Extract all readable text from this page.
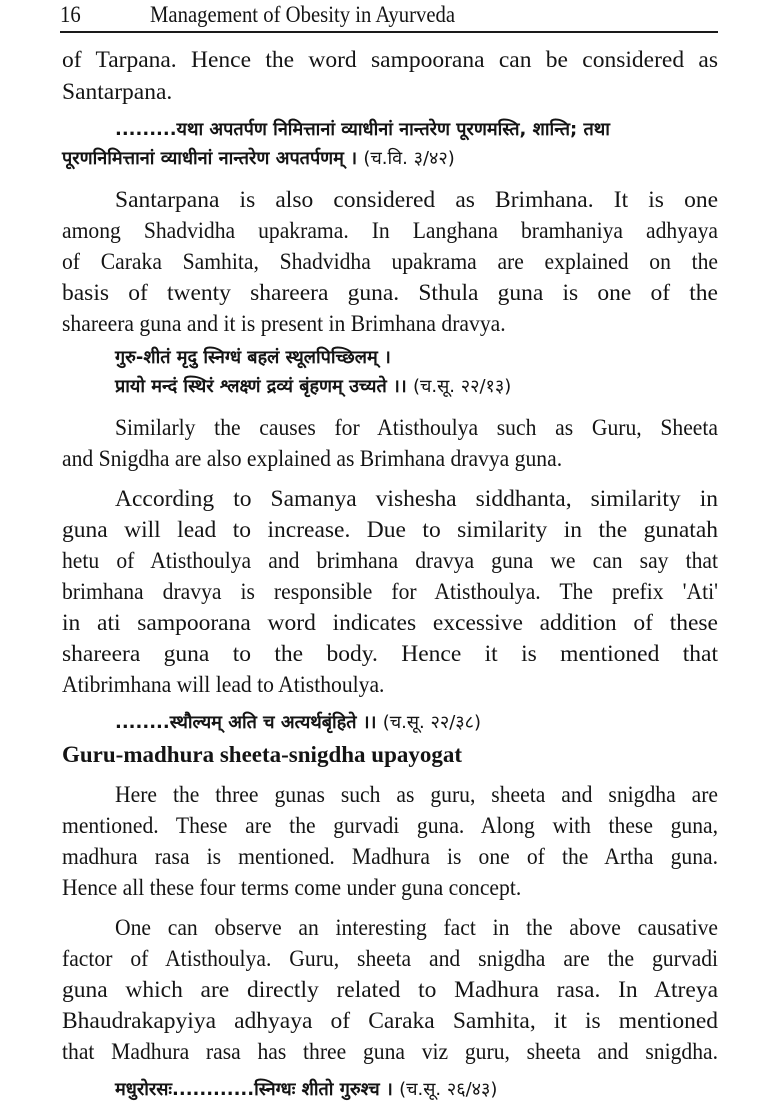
16	Management of Obesity in Ayurveda
of Tarpana. Hence the word sampoorana can be considered as
Santarpana.
.........यथा अपतर्पण निमित्तानां व्याधीनां नान्तरेण पूरणमस्ति, शान्ति; तथा
पूरणनिमित्तानां व्याधीनां नान्तरेण अपतर्पणम् । (च.वि. ३/४२)
Santarpana is also considered as Brimhana. It is one
among Shadvidha upakrama. In Langhana bramhaniya adhyaya
of Caraka Samhita, Shadvidha upakrama are explained on the
basis of twenty shareera guna. Sthula guna is one of the
shareera guna and it is present in Brimhana dravya.
गुरु-शीतं मृदु स्निग्धं बहलं स्थूलपिच्छिलम् ।
प्रायो मन्दं स्थिरं श्लक्ष्णं द्रव्यं बृंहणम् उच्यते ।। (च.सू. २२/१३)
Similarly the causes for Atisthoulya such as Guru, Sheeta
and Snigdha are also explained as Brimhana dravya guna.
According to Samanya vishesha siddhanta, similarity in
guna will lead to increase. Due to similarity in the gunatah
hetu of Atisthoulya and brimhana dravya guna we can say that
brimhana dravya is responsible for Atisthoulya. The prefix 'Ati'
in ati sampoorana word indicates excessive addition of these
shareera guna to the body. Hence it is mentioned that
Atibrimhana will lead to Atisthoulya.
........स्थौल्यम् अति च अत्यर्थबृंहिते ।। (च.सू. २२/३८)
Guru-madhura sheeta-snigdha upayogat
Here the three gunas such as guru, sheeta and snigdha are
mentioned. These are the gurvadi guna. Along with these guna,
madhura rasa is mentioned. Madhura is one of the Artha guna.
Hence all these four terms come under guna concept.
One can observe an interesting fact in the above causative
factor of Atisthoulya. Guru, sheeta and snigdha are the gurvadi
guna which are directly related to Madhura rasa. In Atreya
Bhaudrakapyiya adhyaya of Caraka Samhita, it is mentioned
that Madhura rasa has three guna viz guru, sheeta and snigdha.
मधुरोरसः............स्निग्धः शीतो गुरुश्च । (च.सू. २६/४३)
